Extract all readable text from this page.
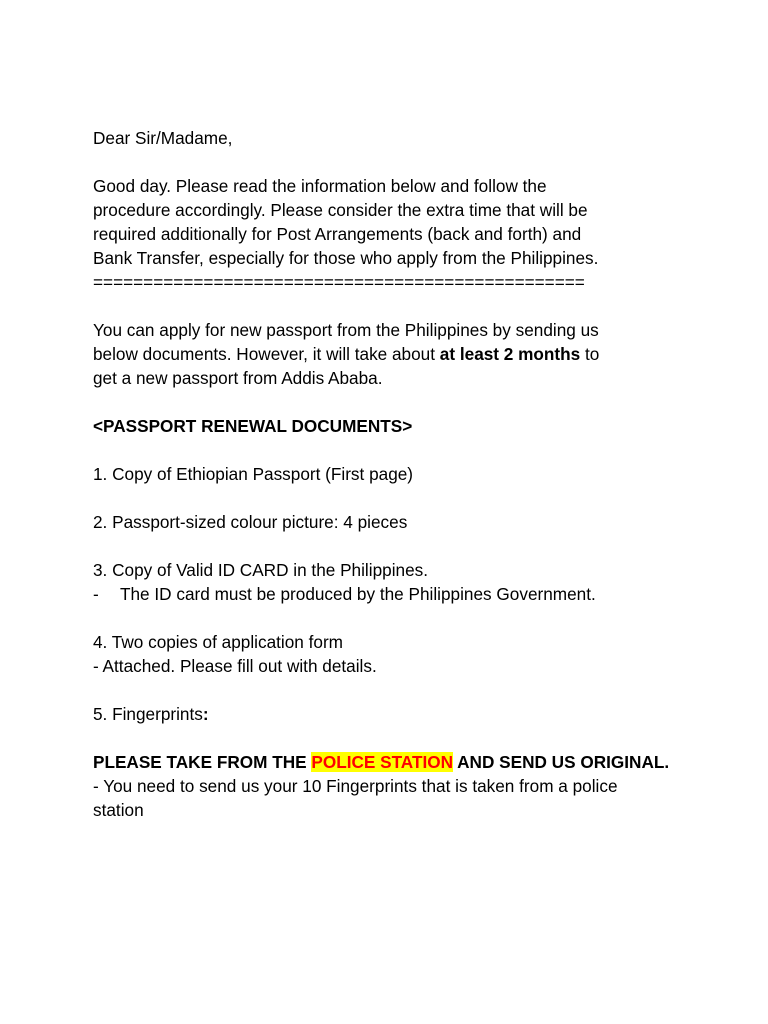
Dear Sir/Madame,
Good day. Please read the information below and follow the
procedure accordingly. Please consider the extra time that will be
required additionally for Post Arrangements (back and forth) and
Bank Transfer, especially for those who apply from the Philippines.
=================================================
You can apply for new passport from the Philippines by sending us
below documents. However, it will take about at least 2 months to
get a new passport from Addis Ababa.
<PASSPORT RENEWAL DOCUMENTS>
1. Copy of Ethiopian Passport (First page)
2. Passport-sized colour picture: 4 pieces
3. Copy of Valid ID CARD in the Philippines.
- The ID card must be produced by the Philippines Government.
4. Two copies of application form
- Attached. Please fill out with details.
5. Fingerprints:
PLEASE TAKE FROM THE POLICE STATION AND SEND US ORIGINAL.
- You need to send us your 10 Fingerprints that is taken from a police
station
